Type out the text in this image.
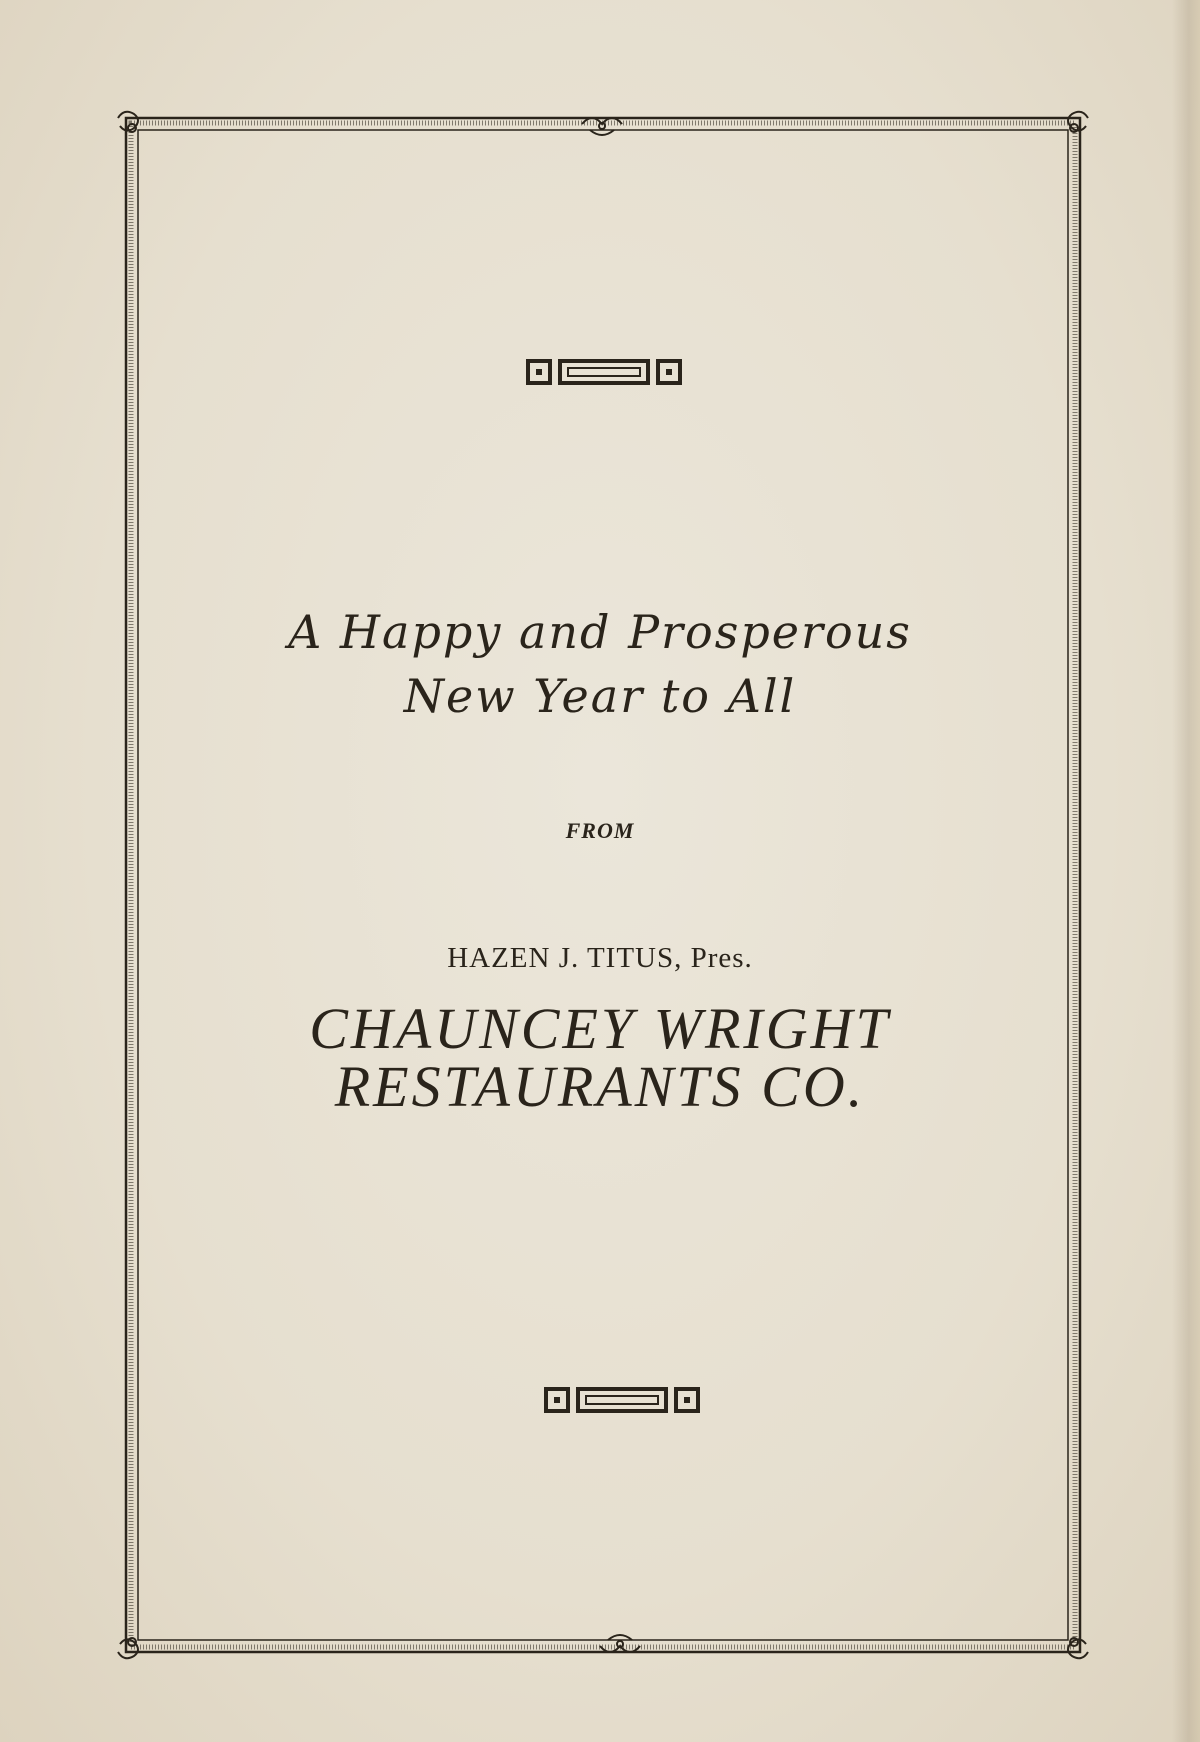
A Happy and Prosperous
New Year to All
FROM
HAZEN J. TITUS, Pres.
CHAUNCEY WRIGHT
RESTAURANTS CO.
